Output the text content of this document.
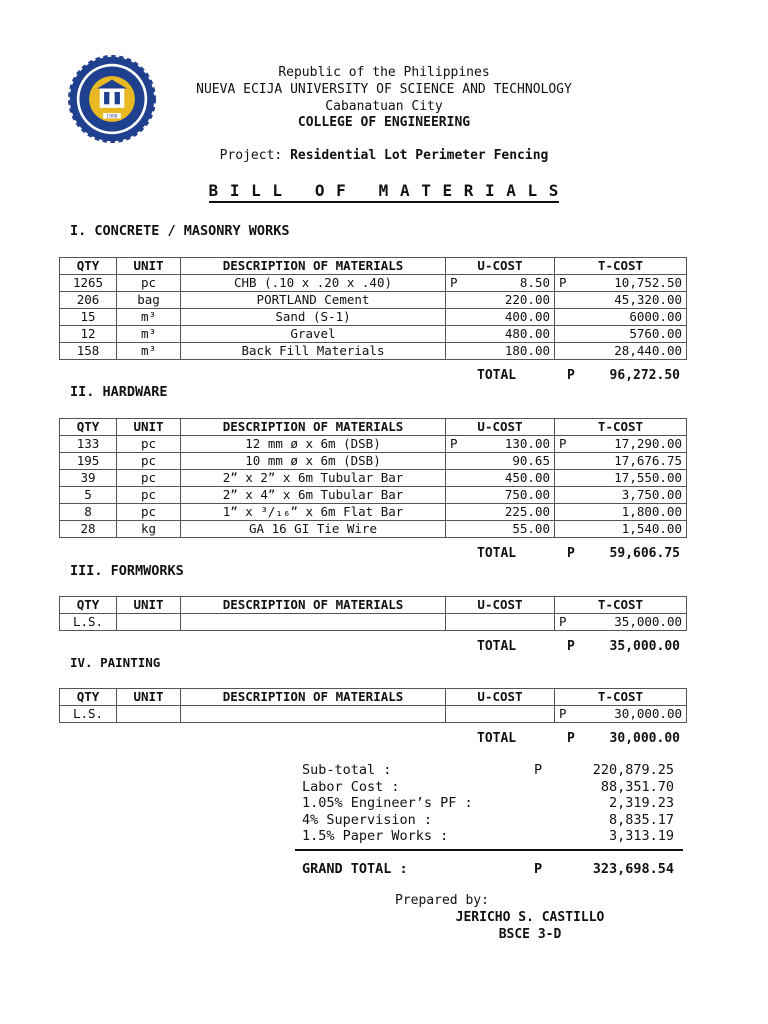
1908
Republic of the Philippines
NUEVA ECIJA UNIVERSITY OF SCIENCE AND TECHNOLOGY
Cabanatuan City
COLLEGE OF ENGINEERING
Project: Residential Lot Perimeter Fencing
B I L L   O F   M A T E R I A L S
I. CONCRETE / MASONRY WORKS
QTY	UNIT	DESCRIPTION OF MATERIALS	U-COST	T-COST
1265	pc	CHB (.10 x .20 x .40)	P 8.50	P 10,752.50

206	bag	PORTLAND Cement	220.00	45,320.00

15	m³	Sand (S-1)	400.00	6000.00

12	m³	Gravel	480.00	5760.00

158	m³	Back Fill Materials	180.00	28,440.00
TOTAL	P	96,272.50
II. HARDWARE
QTY	UNIT	DESCRIPTION OF MATERIALS	U-COST	T-COST
133	pc	12 mm ø x 6m (DSB)	P 130.00	P 17,290.00

195	pc	10 mm ø x 6m (DSB)	90.65	17,676.75

39	pc	2” x 2” x 6m Tubular Bar	450.00	17,550.00

5	pc	2” x 4” x 6m Tubular Bar	750.00	3,750.00

8	pc	1” x ³/₁₆” x 6m Flat Bar	225.00	1,800.00

28	kg	GA 16 GI Tie Wire	55.00	1,540.00
TOTAL	P	59,606.75
III. FORMWORKS
QTY	UNIT	DESCRIPTION OF MATERIALS	U-COST	T-COST
L.S.				P 35,000.00
TOTAL	P	35,000.00
IV. PAINTING
QTY	UNIT	DESCRIPTION OF MATERIALS	U-COST	T-COST
L.S.				P 30,000.00
TOTAL	P	30,000.00
Sub-total :	P	220,879.25
Labor Cost :	88,351.70
1.05% Engineer’s PF :	2,319.23
4% Supervision :	8,835.17
1.5% Paper Works :	3,313.19
GRAND TOTAL :	P	323,698.54
Prepared by:
JERICHO S. CASTILLO
BSCE 3-D
